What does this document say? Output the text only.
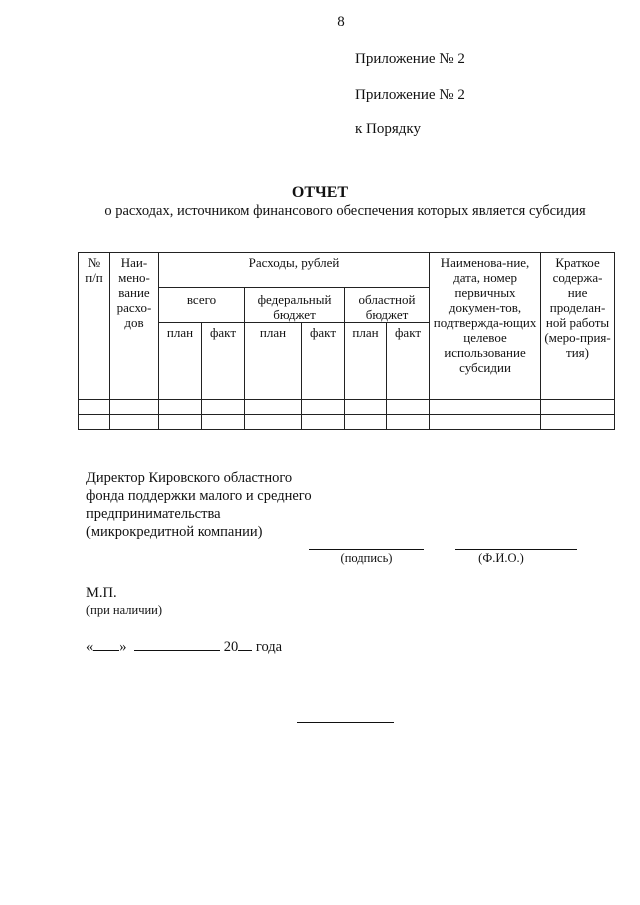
8
Приложение № 2
Приложение № 2
к Порядку
ОТЧЕТ
о расходах, источником финансового обеспечения которых является субсидия
№ п/п	Наи-мено-вание расхо-дов	Расходы, рублей						Наименова-ние, дата, номер первичных докумен-тов, подтвержда-ющих целевое использование субсидии	Краткое содержа-ние проделан-ной работы (меро-прия-тия)
		всего		федеральный бюджет		областной бюджет			
		план	факт	план	факт	план	факт		

Директор Кировского областного фонда поддержки малого и среднего предпринимательства (микрокредитной компании)
(подпись)	(Ф.И.О.)
М.П.
(при наличии)
« »	20 года
